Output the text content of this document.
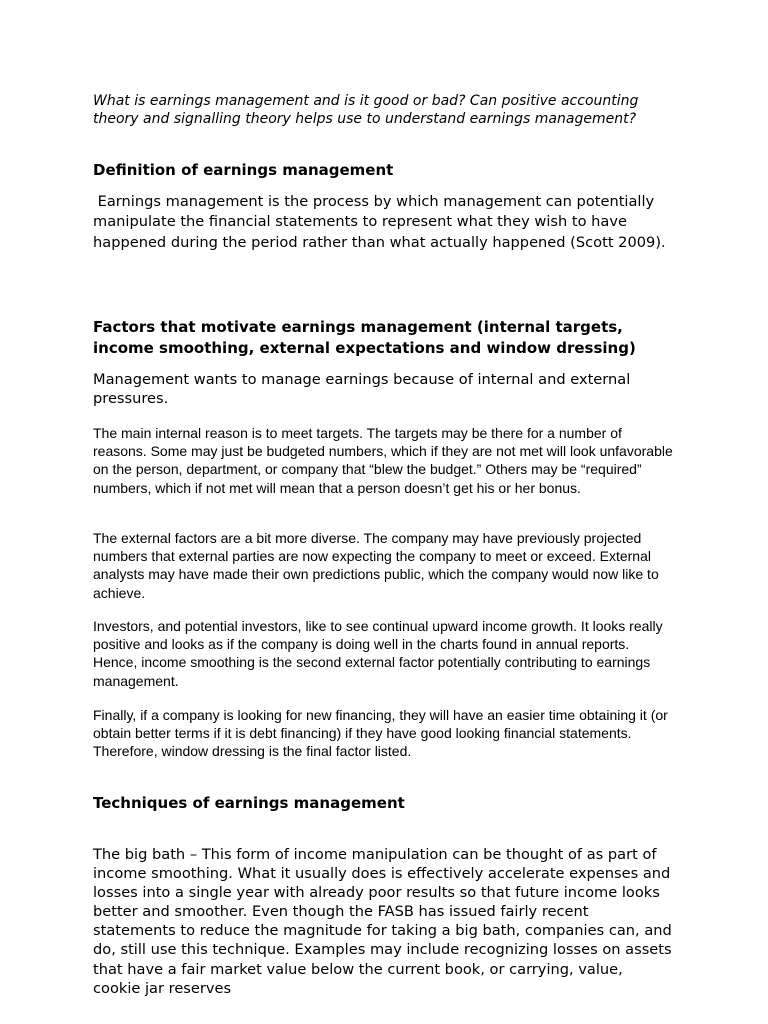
What is earnings management and is it good or bad? Can positive accounting theory and signalling theory helps use to understand earnings management?

Definition of earnings management

Earnings management is the process by which management can potentially manipulate the financial statements to represent what they wish to have happened during the period rather than what actually happened (Scott 2009).

Factors that motivate earnings management (internal targets, income smoothing, external expectations and window dressing)

Management wants to manage earnings because of internal and external pressures.

The main internal reason is to meet targets. The targets may be there for a number of reasons. Some may just be budgeted numbers, which if they are not met will look unfavorable on the person, department, or company that “blew the budget.” Others may be “required” numbers, which if not met will mean that a person doesn’t get his or her bonus.

The external factors are a bit more diverse. The company may have previously projected numbers that external parties are now expecting the company to meet or exceed. External analysts may have made their own predictions public, which the company would now like to achieve.

Investors, and potential investors, like to see continual upward income growth. It looks really positive and looks as if the company is doing well in the charts found in annual reports. Hence, income smoothing is the second external factor potentially contributing to earnings management.

Finally, if a company is looking for new financing, they will have an easier time obtaining it (or obtain better terms if it is debt financing) if they have good looking financial statements. Therefore, window dressing is the final factor listed.

Techniques of earnings management

The big bath – This form of income manipulation can be thought of as part of income smoothing. What it usually does is effectively accelerate expenses and losses into a single year with already poor results so that future income looks better and smoother. Even though the FASB has issued fairly recent statements to reduce the magnitude for taking a big bath, companies can, and do, still use this technique. Examples may include recognizing losses on assets that have a fair market value below the current book, or carrying, value, cookie jar reserves
